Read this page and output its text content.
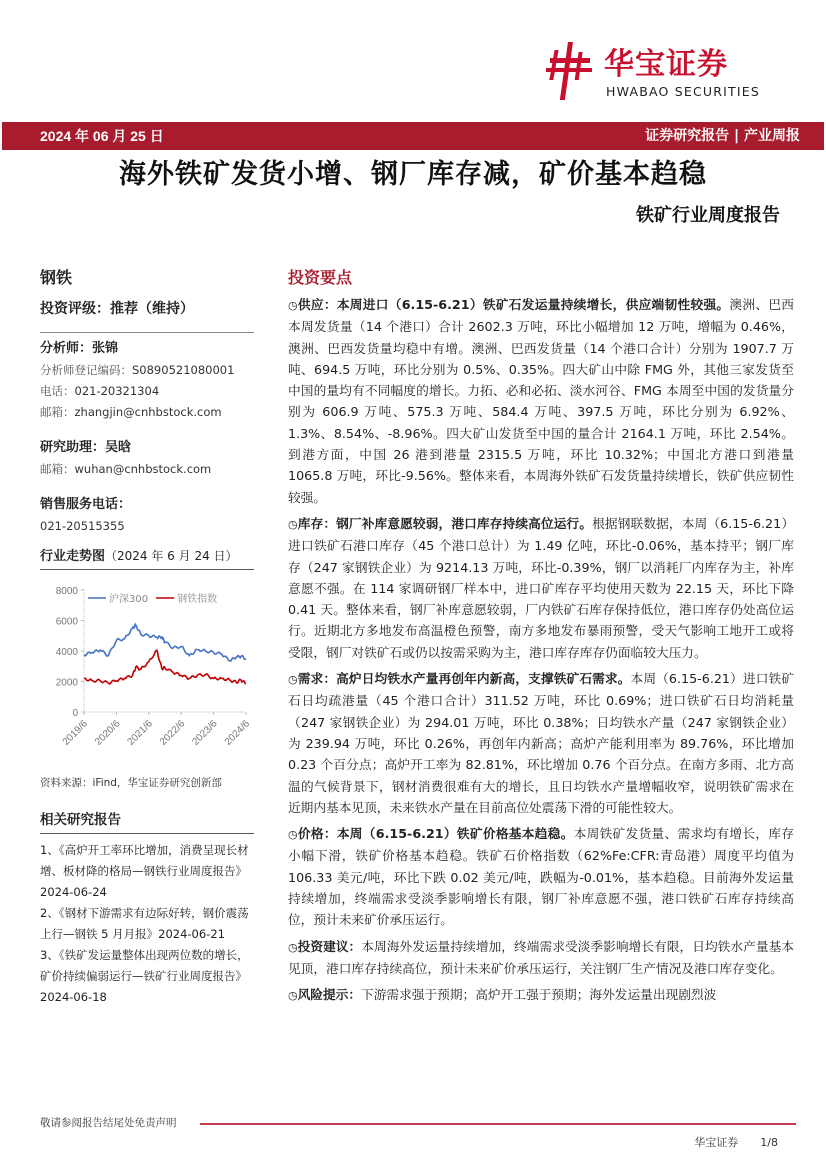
华宝证券
HWABAO SECURITIES
2024 年 06 月 25 日	证券研究报告 | 产业周报
海外铁矿发货小增、钢厂库存减，矿价基本趋稳
铁矿行业周度报告
钢铁
投资评级：推荐（维持）
分析师：张锦
分析师登记编码：S0890521080001
电话：021-20321304
邮箱：zhangjin@cnhbstock.com
研究助理：吴晗
邮箱：wuhan@cnhbstock.com
销售服务电话：
021-20515355
行业走势图（2024 年 6 月 24 日）
8000
6000
4000
2000
0
2019/6 2020/6 2021/6 2022/6 2023/6 2024/6
沪深300	钢铁指数
资料来源：iFind，华宝证券研究创新部
相关研究报告
1、《高炉开工率环比增加，消费呈现长材增、板材降的格局—钢铁行业周度报告》2024-06-24
2、《钢材下游需求有边际好转，钢价震荡上行—钢铁 5 月月报》2024-06-21
3、《铁矿发运量整体出现两位数的增长，矿价持续偏弱运行—铁矿行业周度报告》2024-06-18
投资要点
◷供应：本周进口（6.15-6.21）铁矿石发运量持续增长，供应端韧性较强。澳洲、巴西本周发货量（14 个港口）合计 2602.3 万吨，环比小幅增加 12 万吨，增幅为 0.46%，澳洲、巴西发货量均稳中有增。澳洲、巴西发货量（14 个港口合计）分别为 1907.7 万吨、694.5 万吨，环比分别为 0.5%、0.35%。四大矿山中除 FMG 外，其他三家发货至中国的量均有不同幅度的增长。力拓、必和必拓、淡水河谷、FMG 本周至中国的发货量分别为 606.9 万吨、575.3 万吨、584.4 万吨、397.5 万吨，环比分别为 6.92%、1.3%、8.54%、-8.96%。四大矿山发货至中国的量合计 2164.1 万吨，环比 2.54%。到港方面，中国 26 港到港量 2315.5 万吨，环比 10.32%；中国北方港口到港量 1065.8 万吨，环比-9.56%。整体来看，本周海外铁矿石发货量持续增长，铁矿供应韧性较强。
◷库存：钢厂补库意愿较弱，港口库存持续高位运行。根据钢联数据，本周（6.15-6.21）进口铁矿石港口库存（45 个港口总计）为 1.49 亿吨，环比-0.06%，基本持平；钢厂库存（247 家钢铁企业）为 9214.13 万吨，环比-0.39%，钢厂以消耗厂内库存为主，补库意愿不强。在 114 家调研钢厂样本中，进口矿库存平均使用天数为 22.15 天，环比下降 0.41 天。整体来看，钢厂补库意愿较弱，厂内铁矿石库存保持低位，港口库存仍处高位运行。近期北方多地发布高温橙色预警，南方多地发布暴雨预警，受天气影响工地开工或将受限，钢厂对铁矿石或仍以按需采购为主，港口库存库存仍面临较大压力。
◷需求：高炉日均铁水产量再创年内新高，支撑铁矿石需求。本周（6.15-6.21）进口铁矿石日均疏港量（45 个港口合计）311.52 万吨，环比 0.69%；进口铁矿石日均消耗量（247 家钢铁企业）为 294.01 万吨，环比 0.38%；日均铁水产量（247 家钢铁企业）为 239.94 万吨，环比 0.26%，再创年内新高；高炉产能利用率为 89.76%，环比增加 0.23 个百分点；高炉开工率为 82.81%，环比增加 0.76 个百分点。在南方多雨、北方高温的气候背景下，钢材消费很难有大的增长，且日均铁水产量增幅收窄，说明铁矿需求在近期内基本见顶，未来铁水产量在目前高位处震荡下滑的可能性较大。
◷价格：本周（6.15-6.21）铁矿价格基本趋稳。本周铁矿发货量、需求均有增长，库存小幅下滑，铁矿价格基本趋稳。铁矿石价格指数（62%Fe:CFR:青岛港）周度平均值为 106.33 美元/吨，环比下跌 0.02 美元/吨，跌幅为-0.01%，基本趋稳。目前海外发运量持续增加，终端需求受淡季影响增长有限，钢厂补库意愿不强，港口铁矿石库存持续高位，预计未来矿价承压运行。
◷投资建议：本周海外发运量持续增加，终端需求受淡季影响增长有限，日均铁水产量基本见顶，港口库存持续高位，预计未来矿价承压运行，关注钢厂生产情况及港口库存变化。
◷风险提示：下游需求强于预期；高炉开工强于预期；海外发运量出现剧烈波
敬请参阅报告结尾处免责声明
华宝证券 1/8
